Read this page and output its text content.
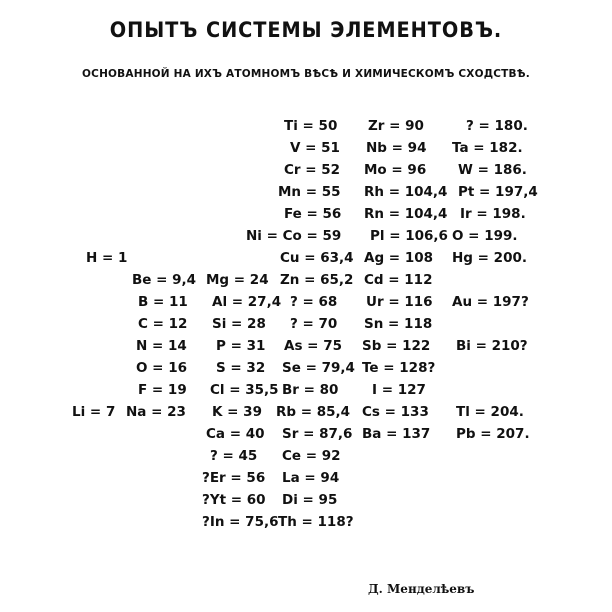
ОПЫТЪ СИСТЕМЫ ЭЛЕМЕНТОВЪ.
ОСНОВАННОЙ НА ИХЪ АТОМНОМЪ ВѢСѢ И ХИМИЧЕСКОМЪ СХОДСТВѢ.
Ti = 50 Zr = 90	? = 180.
V = 51 Nb = 94 Ta = 182.
Cr = 52 Mo = 96 W = 186.
Mn = 55 Rh = 104,4 Pt = 197,4
Fe = 56 Rn = 104,4 Ir = 198.
Ni = Co = 59 Pl = 106,6 O = 199.
H = 1	Cu = 63,4 Ag = 108 Hg = 200.
Be = 9,4 Mg = 24 Zn = 65,2 Cd = 112
B = 11 Al = 27,4 ? = 68 Ur = 116 Au = 197?
C = 12 Si = 28 ? = 70 Sn = 118
N = 14 P = 31 As = 75 Sb = 122 Bi = 210?
O = 16 S = 32 Se = 79,4 Te = 128?
F = 19 Cl = 35,5 Br = 80 I = 127
Li = 7 Na = 23 K = 39 Rb = 85,4 Cs = 133 Tl = 204.
Ca = 40 Sr = 87,6 Ba = 137 Pb = 207.
? = 45 Ce = 92
?Er = 56 La = 94
?Yt = 60 Di = 95
?In = 75,6 Th = 118?
Д. Менделѣевъ
